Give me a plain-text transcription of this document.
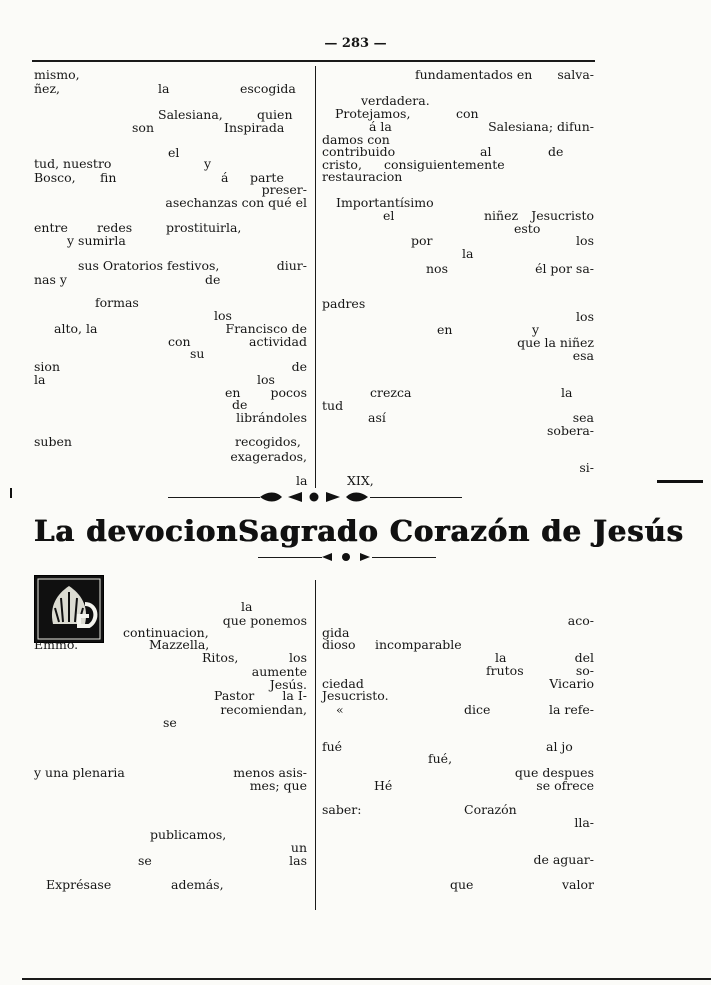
— 283 —
mismo,
ñez,	la	escogida
Salesiana,	quien
son	Inspirada
el
tud, nuestro	y
Bosco, fin	á parte
preser-
asechanzas con qué el
entre redes	prostituirla,
y sumirla
sus Oratorios festivos,	diur-
nas y	de
formas
los
alto, la	Francisco de
con	actividad
su
sion	de
la	los
en pocos
de
librándoles
suben	recogidos,
exagerados,
la
fundamentados en salva-
verdadera.
Protejamos,	con
á la	Salesiana; difun-
damos con
contribuido	al	de
cristo, consiguientemente
restauracion
Importantísimo
el	niñez Jesucristo
esto
por	los
la
nos	él por sa-
padres
los
en	y
que la niñez
esa
crezca	la
tud
así	sea
sobera-
si-
XIX,
La devocion Sagrado Corazón de Jesús
la
que ponemos
continuacion,
Emmo.	Mazzella,
Ritos,	los
aumente
Jesús.
Pastor la I-
recomiendan,
se
y una plenaria	menos asis-
mes; que
publicamos,
un
se	las
Exprésase	además,
aco-
gida
dioso incomparable
la	del
frutos	so-
ciedad	Vicario
Jesucristo.
«	dice	la refe-
fué	al jo
fué,
que despues
Hé	se ofrece
saber:	Corazón
lla-
de aguar-
que	valor
